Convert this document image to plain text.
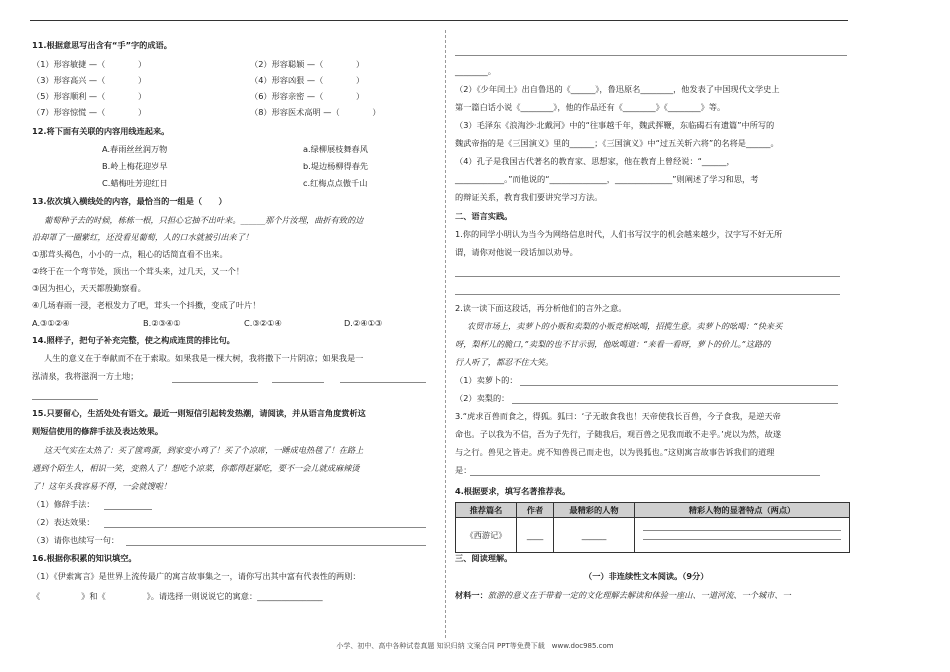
11.根据意思写出含有“手”字的成语。
（1）形容敏捷 —（　　　　）	（2）形容聪颖 —（　　　　）
（3）形容高兴 —（　　　　）	（4）形容凶狠 —（　　　　）
（5）形容顺利 —（　　　　）	（6）形容亲密 —（　　　　）
（7）形容惊慌 —（　　　　）	（8）形容医术高明 —（　　　　）
12.将下面有关联的内容用线连起来。
A.春雨丝丝润万物	a.绿柳展枝舞春风
B.岭上梅花迎岁早	b.堤边杨柳得春先
C.蜡梅吐芳迎红日	c.红梅点点傲千山
13.依次填入横线处的内容，最恰当的一组是（　　）
葡萄种子去的时候，栋栋一根，只担心它抽不出叶来。______那个片汝埋，曲折有致的边
沿却罩了一圈紫红，还没看见葡萄，人的口水就被引出来了！
①那茸头褐色，小小的一点，粗心的话简直看不出来。
②终于在一个弯节处，顶出一个茸头来，过几天，又一个！
③因为担心，天天都殷勤察看。
④几场春雨一浸，老根发力了吧，茸头一个抖擞，变成了叶片！
A.③①②④	B.②③④①	C.③②①④	D.②④①③
14.照样子，把句子补充完整，使之构成连贯的排比句。
人生的意义在于奉献而不在于索取。如果我是一棵大树，我将撒下一片阴凉；如果我是一
泓清泉，我将滋润一方土地；
15.只要留心，生活处处有语文。最近一则短信引起转发热潮，请阅读，并从语言角度赏析这
则短信使用的修辞手法及表达效果。
这天气实在太热了：买了箧鸡蛋，到家变小鸡了！买了个凉席，一睡成电热毯了！在路上
遇到个陌生人，相识一笑，变熟人了！想吃个凉菜，你都得赶紧吃，要不一会儿就成麻辣烫
了！这年头我容易不得，一会就馊啦！
（1）修辞手法：
（2）表达效果：
（3）请你也续写一句：
16.根据你积累的知识填空。
（1）《伊索寓言》是世界上流传最广的寓言故事集之一，请你写出其中富有代表性的两则：
《　　　　　》和《　　　　　》。请选择一则说说它的寓意：________________
________。
（2）《少年闰土》出自鲁迅的《______》，鲁迅原名________，他发表了中国现代文学史上
第一篇白话小说《________》，他的作品还有《________》《________》等。
（3）毛泽东《浪淘沙·北戴河》中的“往事越千年，魏武挥鞭，东临碣石有遗篇”中所写的
魏武帝指的是《三国演义》里的______；《三国演义》中“过五关斩六将”的名将是______。
（4）孔子是我国古代著名的教育家、思想家，他在教育上曾经说：“______，
____________。”而他说的“______________，______________”则阐述了学习和思，考
的辩证关系，教育我们要讲究学习方法。
二、语言实践。
1.你的同学小明认为当今为网络信息时代，人们书写汉字的机会越来越少，汉字写不好无所
谓，请你对他说一段话加以劝导。
2.读一读下面这段话，再分析他们的言外之意。
农贸市场上，卖萝卜的小贩和卖梨的小贩竞相吆喝，招揽生意。卖萝卜的吆喝：“快来买
呀，梨杯儿的脆口，”卖梨的也不甘示弱，他吆喝道：“来看一看呀，萝卜的价儿。”这路的
行人听了，都忍不住大笑。
（1）卖萝卜的：
（2）卖梨的：
3.“虎求百兽而食之，得狐。狐曰：‘子无敢食我也！天帝使我长百兽，今子食我，是逆天帝
命也。子以我为不信，吾为子先行，子随我后，观百兽之见我而敢不走乎。’虎以为然，故遂
与之行。兽见之皆走。虎不知兽畏己而走也，以为畏狐也。”这则寓言故事告诉我们的道理
是：
4.根据要求，填写名著推荐表。
推荐篇名	作者	最精彩的人物	精彩人物的显著特点（两点）
《西游记》	____	______	
三、阅读理解。
（一）非连续性文本阅读。（9分）
材料一：旅游的意义在于带着一定的文化理解去解读和体验一座山、一道河流、一个城市、一
小学、初中、高中各种试卷真题 知识归纳 文案合同 PPT等免费下载　www.doc985.com
